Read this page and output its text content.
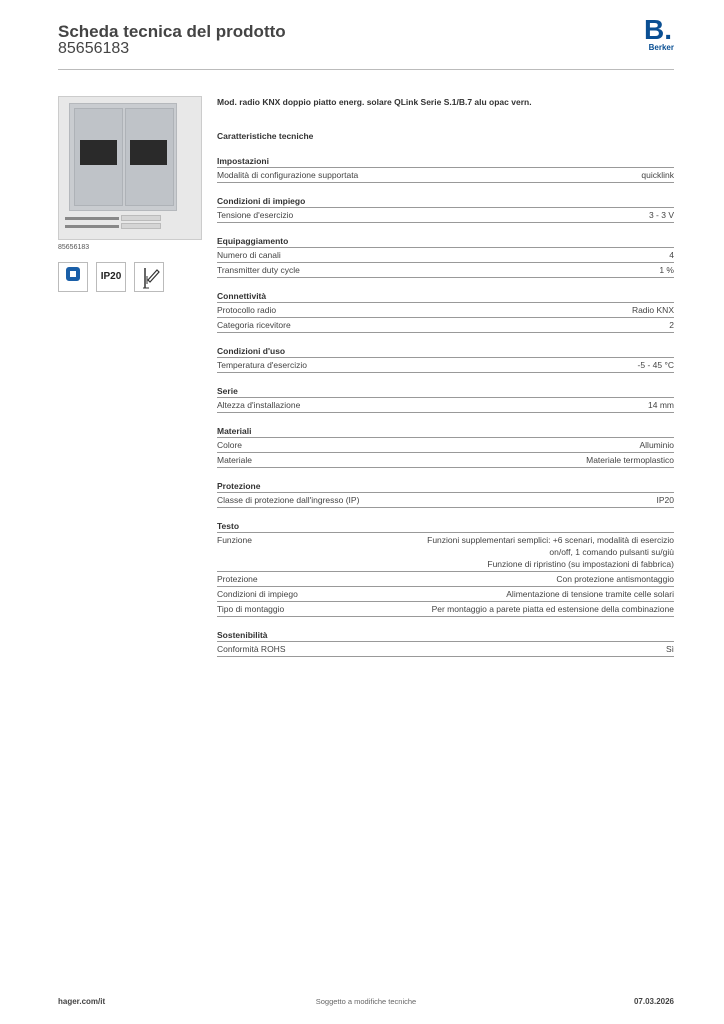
Scheda tecnica del prodotto
85656183
B.
Berker
85656183
IP20
Mod. radio KNX doppio piatto energ. solare QLink Serie S.1/B.7 alu opac vern.
Caratteristiche tecniche
Impostazioni
Modalità di configurazione supportata	quicklink
Condizioni di impiego
Tensione d'esercizio	3 - 3 V
Equipaggiamento
Numero di canali	4
Transmitter duty cycle	1 %
Connettività
Protocollo radio	Radio KNX
Categoria ricevitore	2
Condizioni d'uso
Temperatura d'esercizio	-5 - 45 °C
Serie
Altezza d'installazione	14 mm
Materiali
Colore	Alluminio
Materiale	Materiale termoplastico
Protezione
Classe di protezione dall'ingresso (IP)	IP20
Testo
Funzione	Funzioni supplementari semplici: +6 scenari, modalità di esercizio
on/off, 1 comando pulsanti su/giù
Funzione di ripristino (su impostazioni di fabbrica)
Protezione	Con protezione antismontaggio
Condizioni di impiego	Alimentazione di tensione tramite celle solari
Tipo di montaggio	Per montaggio a parete piatta ed estensione della combinazione
Sostenibilità
Conformità ROHS	Sì
hager.com/it	Soggetto a modifiche tecniche	07.03.2026
